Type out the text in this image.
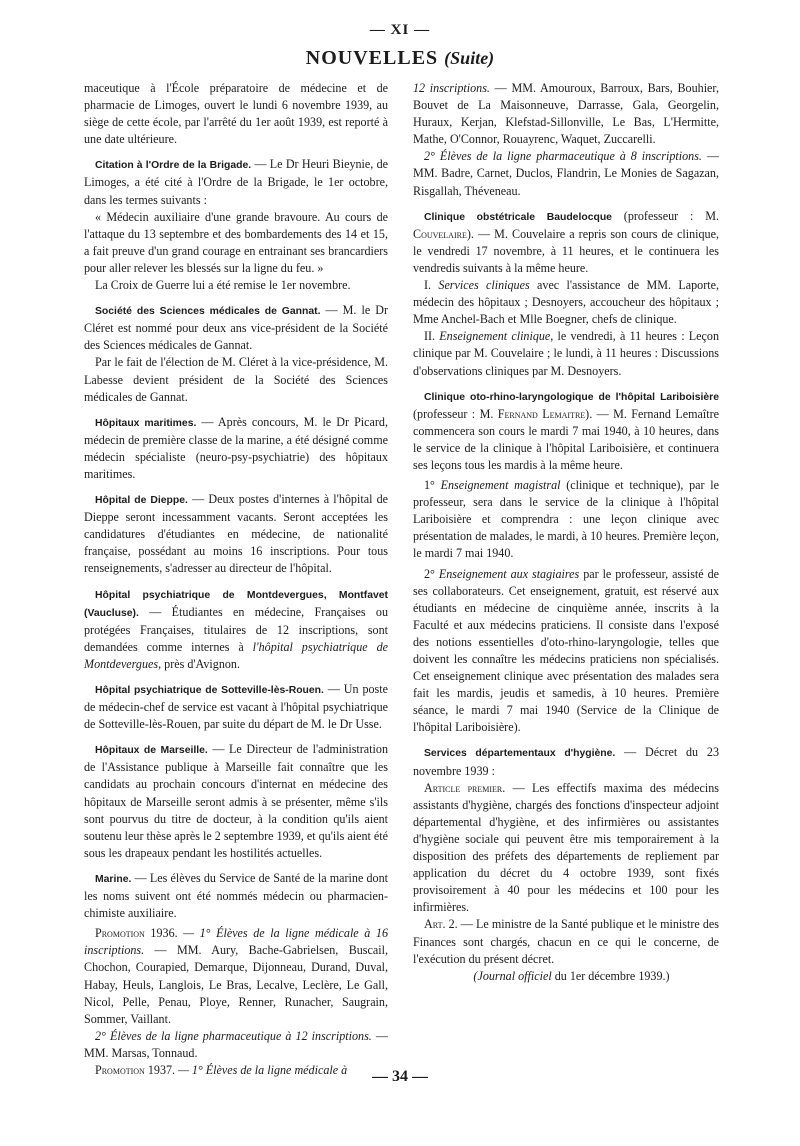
— XI —
NOUVELLES (Suite)

maceutique à l'École préparatoire de médecine et de pharmacie de Limoges, ouvert le lundi 6 novembre 1939, au siège de cette école, par l'arrêté du 1er août 1939, est reporté à une date ultérieure.

Citation à l'Ordre de la Brigade. — Le Dr Heuri Bieynie, de Limoges, a été cité à l'Ordre de la Brigade, le 1er octobre, dans les termes suivants :

« Médecin auxiliaire d'une grande bravoure. Au cours de l'attaque du 13 septembre et des bombardements des 14 et 15, a fait preuve d'un grand courage en entrainant ses brancardiers pour aller relever les blessés sur la ligne du feu. »

La Croix de Guerre lui a été remise le 1er novembre.

Société des Sciences médicales de Gannat. — M. le Dr Cléret est nommé pour deux ans vice-président de la Société des Sciences médicales de Gannat.

Par le fait de l'élection de M. Cléret à la vice-présidence, M. Labesse devient président de la Société des Sciences médicales de Gannat.

Hôpitaux maritimes. — Après concours, M. le Dr Picard, médecin de première classe de la marine, a été désigné comme médecin spécialiste (neuro-psy-psychiatrie) des hôpitaux maritimes.

Hôpital de Dieppe. — Deux postes d'internes à l'hôpital de Dieppe seront incessamment vacants. Seront acceptées les candidatures d'étudiantes en médecine, de nationalité française, possédant au moins 16 inscriptions. Pour tous renseignements, s'adresser au directeur de l'hôpital.

Hôpital psychiatrique de Montdevergues, Montfavet (Vaucluse). — Étudiantes en médecine, Françaises ou protégées Françaises, titulaires de 12 inscriptions, sont demandées comme internes à l'hôpital psychiatrique de Montdevergues, près d'Avignon.

Hôpital psychiatrique de Sotteville-lès-Rouen. — Un poste de médecin-chef de service est vacant à l'hôpital psychiatrique de Sotteville-lès-Rouen, par suite du départ de M. le Dr Usse.

Hôpitaux de Marseille. — Le Directeur de l'administration de l'Assistance publique à Marseille fait connaître que les candidats au prochain concours d'internat en médecine des hôpitaux de Marseille seront admis à se présenter, même s'ils sont pourvus du titre de docteur, à la condition qu'ils aient soutenu leur thèse après le 2 septembre 1939, et qu'ils aient été sous les drapeaux pendant les hostilités actuelles.

Marine. — Les élèves du Service de Santé de la marine dont les noms suivent ont été nommés médecin ou pharmacien-chimiste auxiliaire.

Promotion 1936. — 1° Élèves de la ligne médicale à 16 inscriptions. — MM. Aury, Bache-Gabrielsen, Buscail, Chochon, Courapied, Demarque, Dijonneau, Durand, Duval, Habay, Heuls, Langlois, Le Bras, Lecalve, Leclère, Le Gall, Nicol, Pelle, Penau, Ploye, Renner, Runacher, Saugrain, Sommer, Vaillant.

2° Élèves de la ligne pharmaceutique à 12 inscriptions. — MM. Marsas, Tonnaud.

Promotion 1937. — 1° Élèves de la ligne médicale à

12 inscriptions. — MM. Amouroux, Barroux, Bars, Bouhier, Bouvet de La Maisonneuve, Darrasse, Gala, Georgelin, Huraux, Kerjan, Klefstad-Sillonville, Le Bas, L'Hermitte, Mathe, O'Connor, Rouayrenc, Waquet, Zuccarelli.

2° Élèves de la ligne pharmaceutique à 8 inscriptions. — MM. Badre, Carnet, Duclos, Flandrin, Le Monies de Sagazan, Risgallah, Théveneau.

Clinique obstétricale Baudelocque (professeur : M. Couvelaire). — M. Couvelaire a repris son cours de clinique, le vendredi 17 novembre, à 11 heures, et le continuera les vendredis suivants à la même heure.

I. Services cliniques avec l'assistance de MM. Laporte, médecin des hôpitaux ; Desnoyers, accoucheur des hôpitaux ; Mme Anchel-Bach et Mlle Boegner, chefs de clinique.

II. Enseignement clinique, le vendredi, à 11 heures : Leçon clinique par M. Couvelaire ; le lundi, à 11 heures : Discussions d'observations cliniques par M. Desnoyers.

Clinique oto-rhino-laryngologique de l'hôpital Lariboisière (professeur : M. Fernand Lemaitre). — M. Fernand Lemaître commencera son cours le mardi 7 mai 1940, à 10 heures, dans le service de la clinique à l'hôpital Lariboisière, et continuera ses leçons tous les mardis à la même heure.

1° Enseignement magistral (clinique et technique), par le professeur, sera dans le service de la clinique à l'hôpital Lariboisière et comprendra : une leçon clinique avec présentation de malades, le mardi, à 10 heures. Première leçon, le mardi 7 mai 1940.

2° Enseignement aux stagiaires par le professeur, assisté de ses collaborateurs. Cet enseignement, gratuit, est réservé aux étudiants en médecine de cinquième année, inscrits à la Faculté et aux médecins praticiens. Il consiste dans l'exposé des notions essentielles d'oto-rhino-laryngologie, telles que doivent les connaître les médecins praticiens non spécialisés. Cet enseignement clinique avec présentation des malades sera fait les mardis, jeudis et samedis, à 10 heures. Première séance, le mardi 7 mai 1940 (Service de la Clinique de l'hôpital Lariboisière).

Services départementaux d'hygiène. — Décret du 23 novembre 1939 :

Article premier. — Les effectifs maxima des médecins assistants d'hygiène, chargés des fonctions d'inspecteur adjoint départemental d'hygiène, et des infirmières ou assistantes d'hygiène sociale qui peuvent être mis temporairement à la disposition des préfets des départements de repliement par application du décret du 4 octobre 1939, sont fixés provisoirement à 40 pour les médecins et 100 pour les infirmières.

Art. 2. — Le ministre de la Santé publique et le ministre des Finances sont chargés, chacun en ce qui le concerne, de l'exécution du présent décret.

(Journal officiel du 1er décembre 1939.)

— 34 —
